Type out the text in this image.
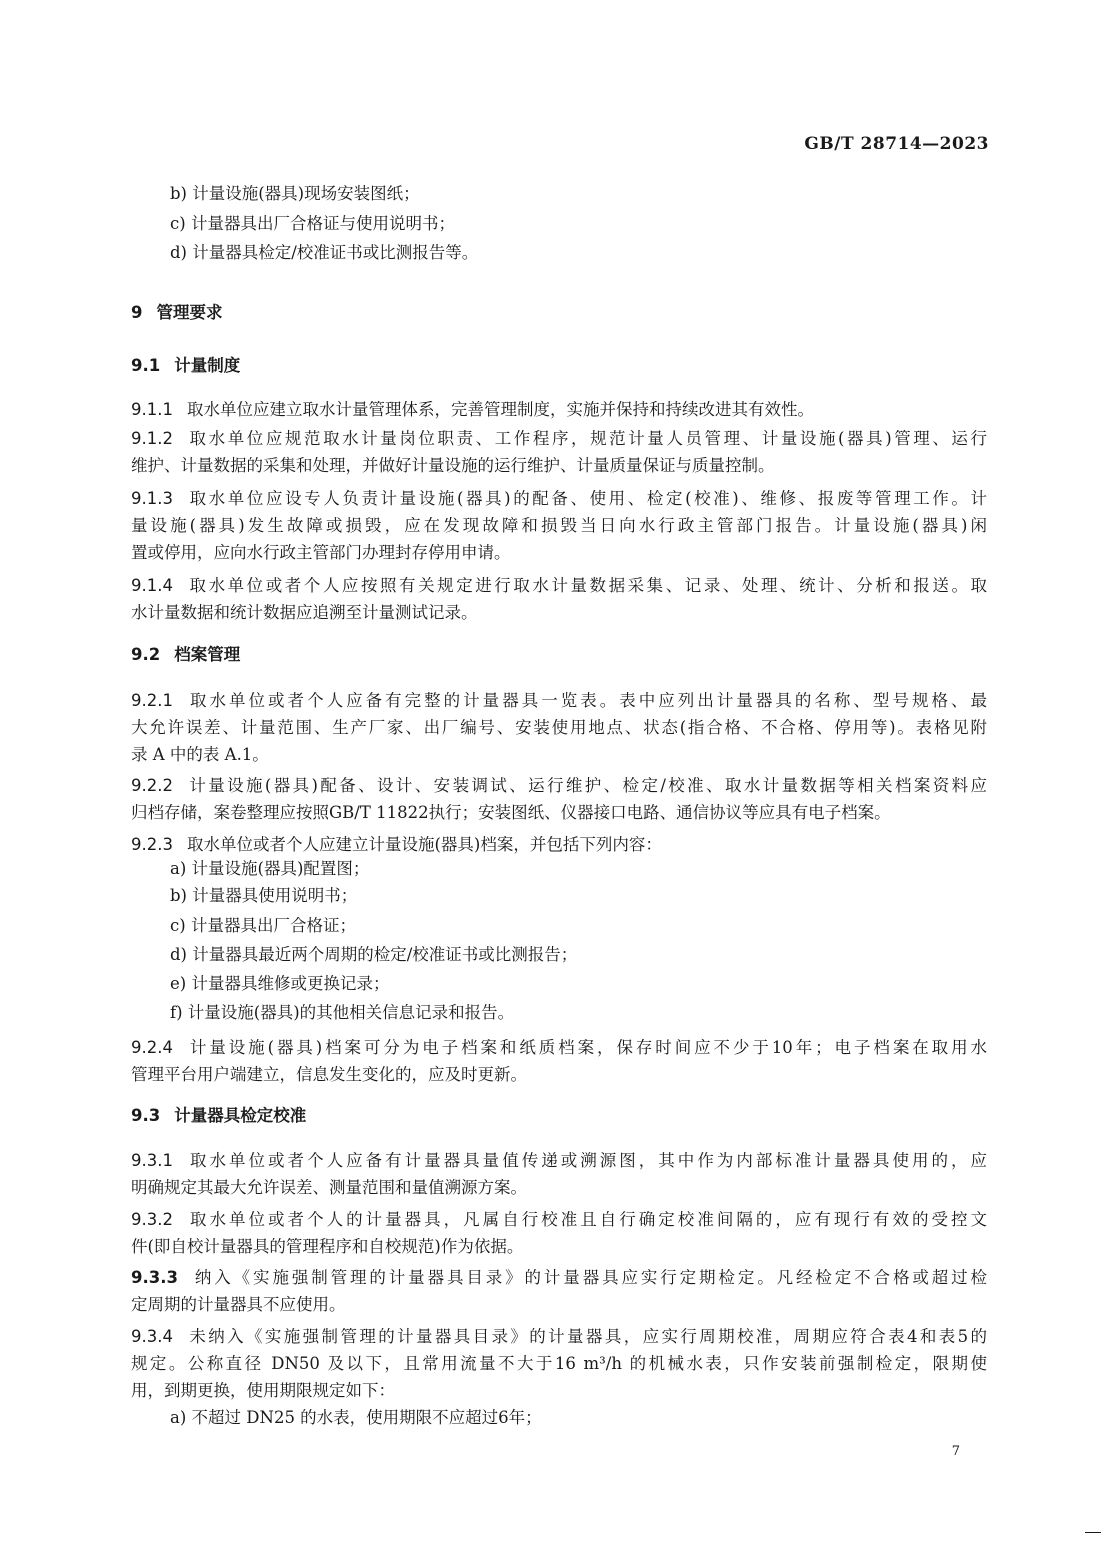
GB/T 28714—2023
b) 计量设施(器具)现场安装图纸；
c) 计量器具出厂合格证与使用说明书；
d) 计量器具检定/校准证书或比测报告等。
9 管理要求
9.1 计量制度
9.1.1 取水单位应建立取水计量管理体系，完善管理制度，实施并保持和持续改进其有效性。
9.1.2 取水单位应规范取水计量岗位职责、工作程序，规范计量人员管理、计量设施(器具)管理、运行
维护、计量数据的采集和处理，并做好计量设施的运行维护、计量质量保证与质量控制。
9.1.3 取水单位应设专人负责计量设施(器具)的配备、使用、检定(校准)、维修、报废等管理工作。计
量设施(器具)发生故障或损毁，应在发现故障和损毁当日向水行政主管部门报告。计量设施(器具)闲
置或停用，应向水行政主管部门办理封存停用申请。
9.1.4 取水单位或者个人应按照有关规定进行取水计量数据采集、记录、处理、统计、分析和报送。取
水计量数据和统计数据应追溯至计量测试记录。
9.2 档案管理
9.2.1 取水单位或者个人应备有完整的计量器具一览表。表中应列出计量器具的名称、型号规格、最
大允许误差、计量范围、生产厂家、出厂编号、安装使用地点、状态(指合格、不合格、停用等)。表格见附
录 A 中的表 A.1。
9.2.2 计量设施(器具)配备、设计、安装调试、运行维护、检定/校准、取水计量数据等相关档案资料应
归档存储，案卷整理应按照GB/T 11822执行；安装图纸、仪器接口电路、通信协议等应具有电子档案。
9.2.3 取水单位或者个人应建立计量设施(器具)档案，并包括下列内容：
a) 计量设施(器具)配置图；
b) 计量器具使用说明书；
c) 计量器具出厂合格证；
d) 计量器具最近两个周期的检定/校准证书或比测报告；
e) 计量器具维修或更换记录；
f) 计量设施(器具)的其他相关信息记录和报告。
9.2.4 计量设施(器具)档案可分为电子档案和纸质档案，保存时间应不少于10年；电子档案在取用水
管理平台用户端建立，信息发生变化的，应及时更新。
9.3 计量器具检定校准
9.3.1 取水单位或者个人应备有计量器具量值传递或溯源图，其中作为内部标准计量器具使用的，应
明确规定其最大允许误差、测量范围和量值溯源方案。
9.3.2 取水单位或者个人的计量器具，凡属自行校准且自行确定校准间隔的，应有现行有效的受控文
件(即自校计量器具的管理程序和自校规范)作为依据。
9.3.3 纳入《实施强制管理的计量器具目录》的计量器具应实行定期检定。凡经检定不合格或超过检
定周期的计量器具不应使用。
9.3.4 未纳入《实施强制管理的计量器具目录》的计量器具，应实行周期校准，周期应符合表4和表5的
规定。公称直径 DN50 及以下，且常用流量不大于16 m³/h 的机械水表，只作安装前强制检定，限期使
用，到期更换，使用期限规定如下：
a) 不超过 DN25 的水表，使用期限不应超过6年；
7
